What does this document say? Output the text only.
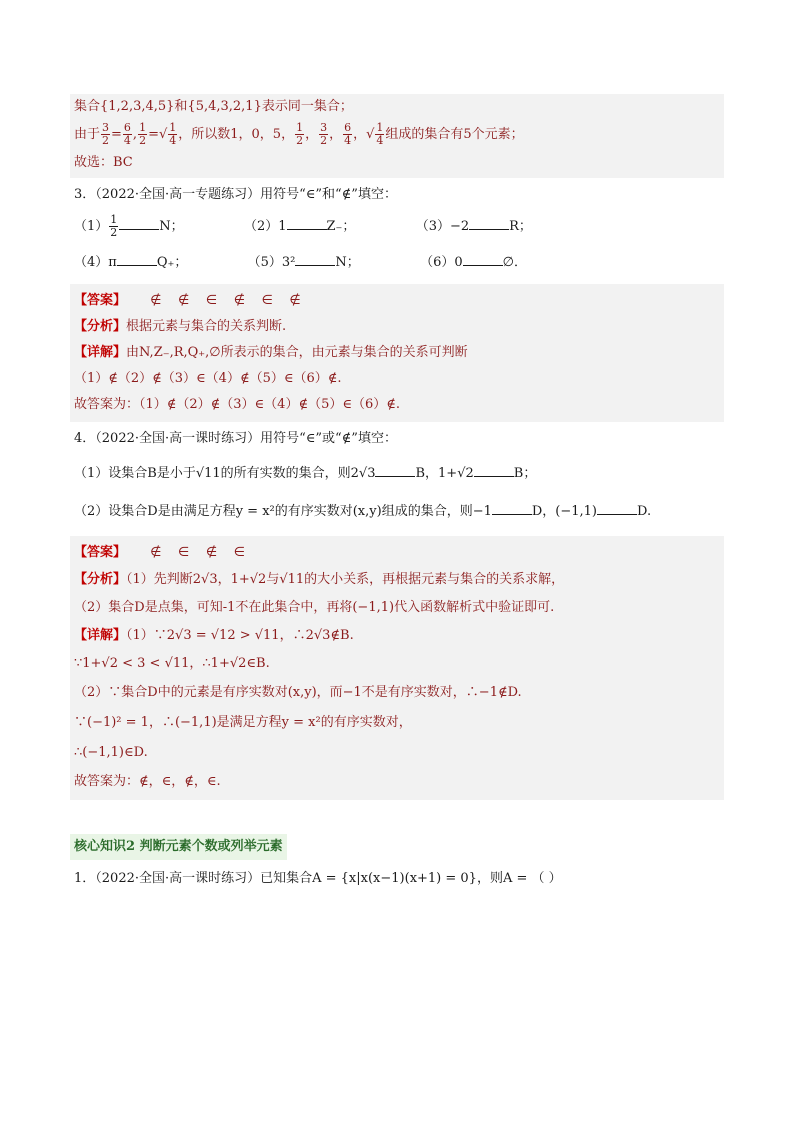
集合{1,2,3,4,5}和{5,4,3,2,1}表示同一集合；
由于 $\frac{3}{2} = \frac{6}{4}$ , $\frac{1}{2}$ =√ $\frac{1}{4}$ ，所以数1，0，5， $\frac{1}{2}$ ， $\frac{3}{2}$ ， $\frac{6}{4}$ ，√ $\frac{1}{4}$ 组成的集合有5个元素；
故选：BC
3．（2022·全国·高一专题练习）用符号“∈”和“∉”填空：
$(1) \frac{1}{2}$	N；	（2）1	Z₋；	（3）−2	R；
（4）π	Q₊；	（5）3²	N；	（6）0	∅．
【答案】 ∉    ∉    ∈    ∉    ∈    ∉
【分析】根据元素与集合的关系判断.
【详解】由N,Z₋,R,Q₊,∅所表示的集合，由元素与集合的关系可判断
（1）∉（2）∉（3）∈（4）∉（5）∈（6）∉.
故答案为：（1）∉（2）∉（3）∈（4）∉（5）∈（6）∉.
4．（2022·全国·高一课时练习）用符号“∈”或“∉”填空：
（1）设集合B是小于√11的所有实数的集合，则2√3	B，1+√2	B；
（2）设集合D是由满足方程y = x²的有序实数对(x,y)组成的集合，则−1	D，(−1,1)	D.
【答案】 ∉    ∈    ∉    ∈
【分析】（1）先判断2√3，1+√2与√11的大小关系，再根据元素与集合的关系求解，
（2）集合D是点集，可知-1不在此集合中，再将(−1,1)代入函数解析式中验证即可.
【详解】（1）∵2√3 = √12 > √11，∴2√3∉B.
∵1+√2 < 3 < √11，∴1+√2∈B.
（2）∵集合D中的元素是有序实数对(x,y)，而−1不是有序实数对，∴−1∉D.
∵(−1)² = 1，∴(−1,1)是满足方程y = x²的有序实数对，
∴(−1,1)∈D.
故答案为：∉，∈，∉，∈.
核心知识2 判断元素个数或列举元素
1．（2022·全国·高一课时练习）已知集合A = {x|x(x−1)(x+1) = 0}，则A = （ ）
